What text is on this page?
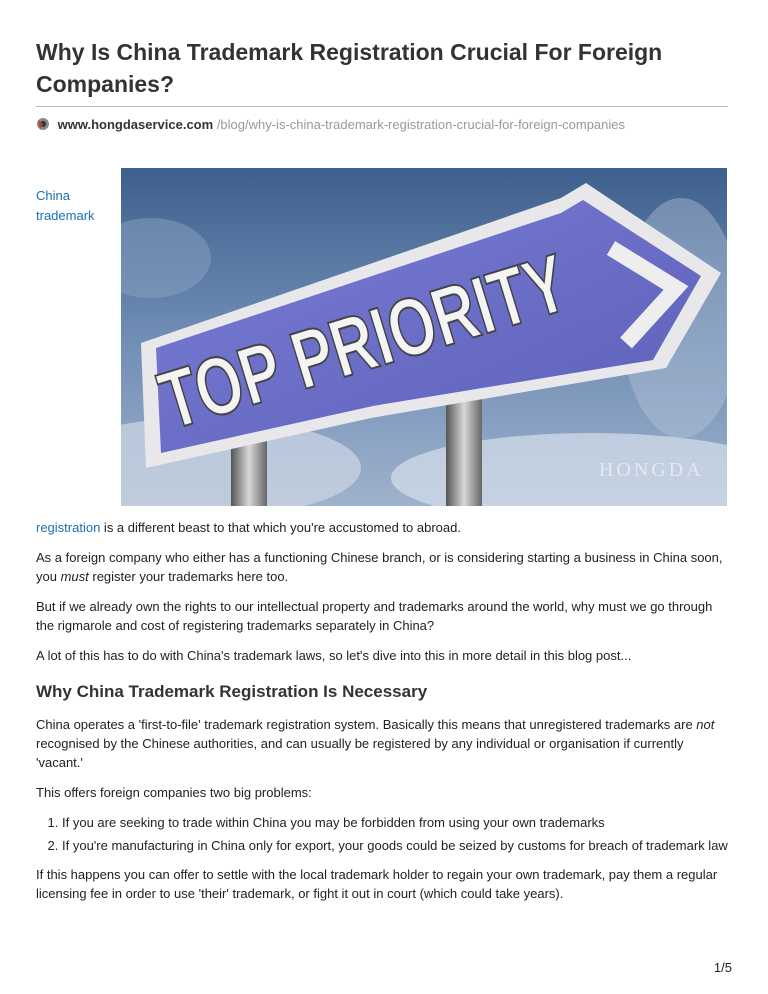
Why Is China Trademark Registration Crucial For Foreign Companies?
www.hongdaservice.com /blog/why-is-china-trademark-registration-crucial-for-foreign-companies
China trademark TOP PRIORITY
HONGDA

registration is a different beast to that which you're accustomed to abroad.

As a foreign company who either has a functioning Chinese branch, or is considering starting a business in China soon, you must register your trademarks here too.

But if we already own the rights to our intellectual property and trademarks around the world, why must we go through the rigmarole and cost of registering trademarks separately in China?

A lot of this has to do with China's trademark laws, so let's dive into this in more detail in this blog post...

Why China Trademark Registration Is Necessary

China operates a 'first-to-file' trademark registration system. Basically this means that unregistered trademarks are not recognised by the Chinese authorities, and can usually be registered by any individual or organisation if currently 'vacant.'

This offers foreign companies two big problems:

1. If you are seeking to trade within China you may be forbidden from using your own trademarks
2. If you're manufacturing in China only for export, your goods could be seized by customs for breach of trademark law

If this happens you can offer to settle with the local trademark holder to regain your own trademark, pay them a regular licensing fee in order to use 'their' trademark, or fight it out in court (which could take years).

1/5
